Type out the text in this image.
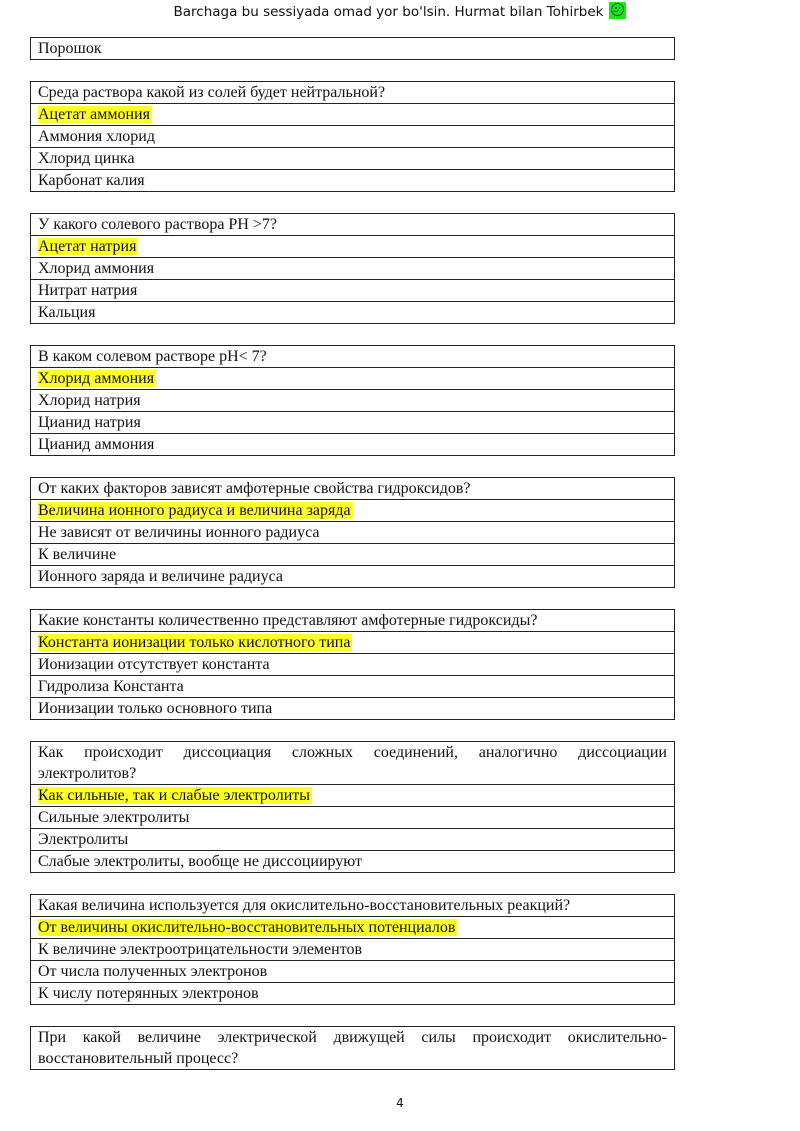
Barchaga bu sessiyada omad yor bo'lsin. Hurmat bilan Tohirbek
Порошок
Среда раствора какой из солей будет нейтральной?
Ацетат аммония
Аммония хлорид
Хлорид цинка
Карбонат калия
У какого солевого раствора PH >7?
Ацетат натрия
Хлорид аммония
Нитрат натрия
Кальция
В каком солевом растворе pH< 7?
Хлорид аммония
Хлорид натрия
Цианид натрия
Цианид аммония
От каких факторов зависят амфотерные свойства гидроксидов?
Величина ионного радиуса и величина заряда
Не зависят от величины ионного радиуса
К величине
Ионного заряда и величине радиуса
Какие константы количественно представляют амфотерные гидроксиды?
Константа ионизации только кислотного типа
Ионизации отсутствует константа
Гидролиза Константа
Ионизации только основного типа
Как происходит диссоциация сложных соединений, аналогично диссоциации электролитов?
Как сильные, так и слабые электролиты
Сильные электролиты
Электролиты
Слабые электролиты, вообще не диссоциируют
Какая величина используется для окислительно-восстановительных реакций?
От величины окислительно-восстановительных потенциалов
К величине электроотрицательности элементов
От числа полученных электронов
К числу потерянных электронов
При какой величине электрической движущей силы происходит окислительно-восстановительный процесс?
4
